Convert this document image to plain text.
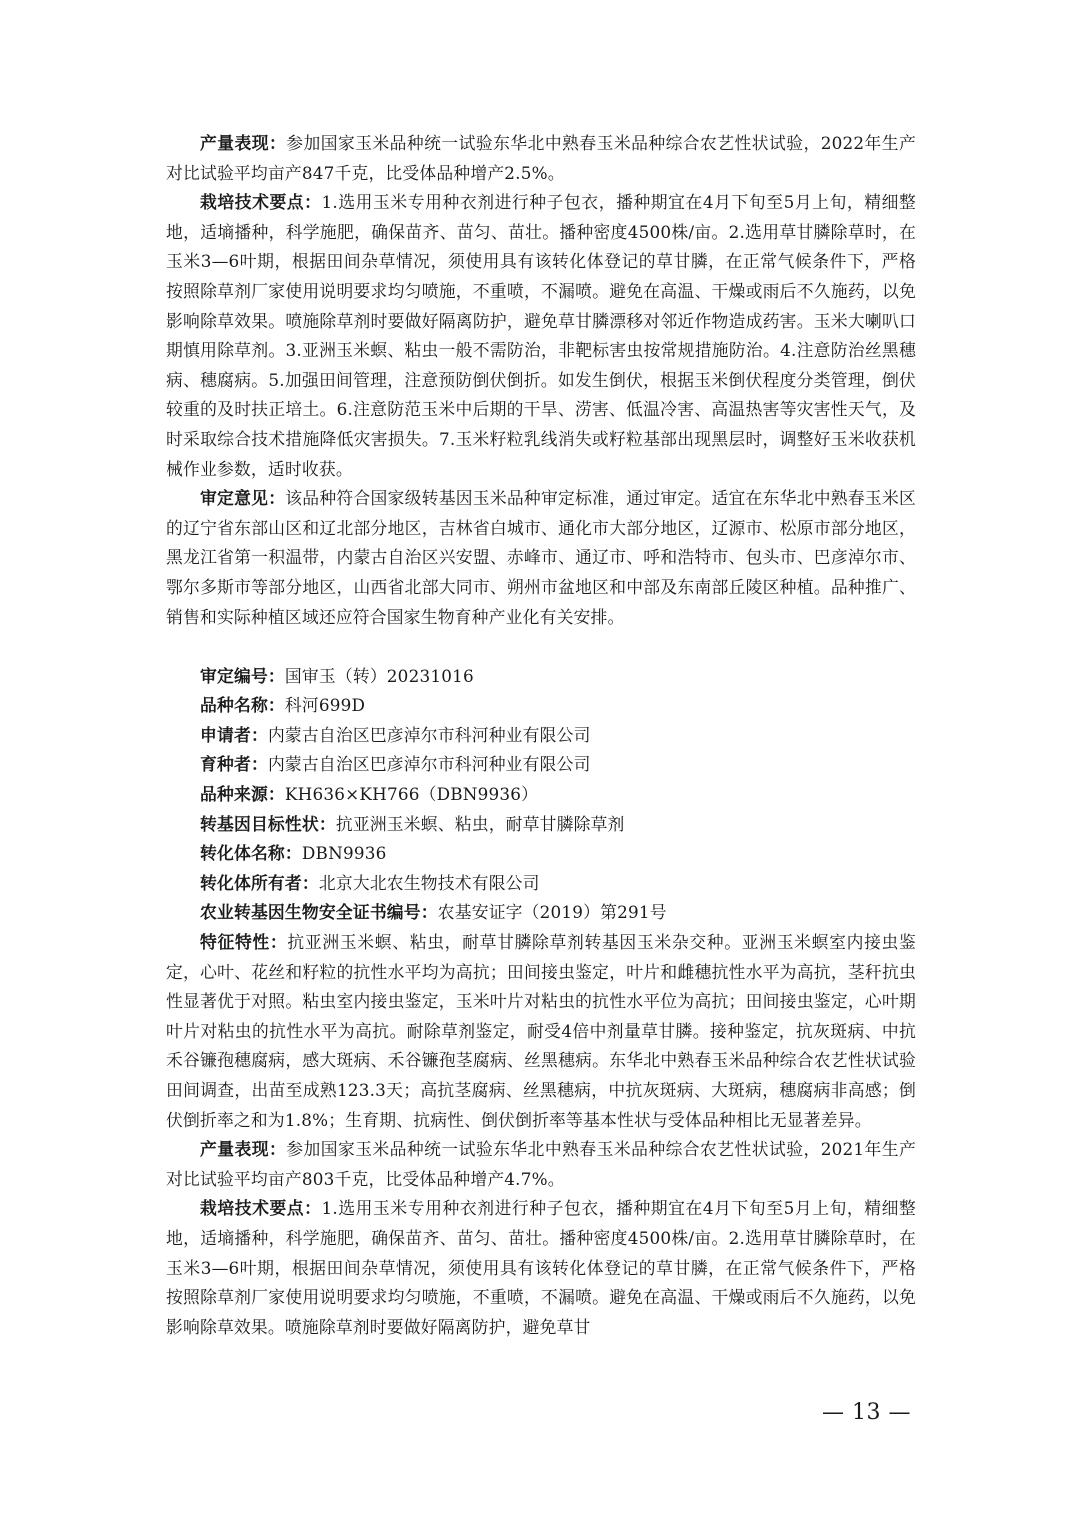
产量表现：参加国家玉米品种统一试验东华北中熟春玉米品种综合农艺性状试验，2022年生产对比试验平均亩产847千克，比受体品种增产2.5%。

栽培技术要点：1.选用玉米专用种衣剂进行种子包衣，播种期宜在4月下旬至5月上旬，精细整地，适墒播种，科学施肥，确保苗齐、苗匀、苗壮。播种密度4500株/亩。2.选用草甘膦除草时，在玉米3—6叶期，根据田间杂草情况，须使用具有该转化体登记的草甘膦，在正常气候条件下，严格按照除草剂厂家使用说明要求均匀喷施，不重喷，不漏喷。避免在高温、干燥或雨后不久施药，以免影响除草效果。喷施除草剂时要做好隔离防护，避免草甘膦漂移对邻近作物造成药害。玉米大喇叭口期慎用除草剂。3.亚洲玉米螟、粘虫一般不需防治，非靶标害虫按常规措施防治。4.注意防治丝黑穗病、穗腐病。5.加强田间管理，注意预防倒伏倒折。如发生倒伏，根据玉米倒伏程度分类管理，倒伏较重的及时扶正培土。6.注意防范玉米中后期的干旱、涝害、低温冷害、高温热害等灾害性天气，及时采取综合技术措施降低灾害损失。7.玉米籽粒乳线消失或籽粒基部出现黑层时，调整好玉米收获机械作业参数，适时收获。

审定意见：该品种符合国家级转基因玉米品种审定标准，通过审定。适宜在东华北中熟春玉米区的辽宁省东部山区和辽北部分地区，吉林省白城市、通化市大部分地区，辽源市、松原市部分地区，黑龙江省第一积温带，内蒙古自治区兴安盟、赤峰市、通辽市、呼和浩特市、包头市、巴彦淖尔市、鄂尔多斯市等部分地区，山西省北部大同市、朔州市盆地区和中部及东南部丘陵区种植。品种推广、销售和实际种植区域还应符合国家生物育种产业化有关安排。

审定编号：国审玉（转）20231016

品种名称：科河699D

申请者：内蒙古自治区巴彦淖尔市科河种业有限公司

育种者：内蒙古自治区巴彦淖尔市科河种业有限公司

品种来源：KH636×KH766（DBN9936）

转基因目标性状：抗亚洲玉米螟、粘虫，耐草甘膦除草剂

转化体名称：DBN9936

转化体所有者：北京大北农生物技术有限公司

农业转基因生物安全证书编号：农基安证字（2019）第291号

特征特性：抗亚洲玉米螟、粘虫，耐草甘膦除草剂转基因玉米杂交种。亚洲玉米螟室内接虫鉴定，心叶、花丝和籽粒的抗性水平均为高抗；田间接虫鉴定，叶片和雌穗抗性水平为高抗，茎秆抗虫性显著优于对照。粘虫室内接虫鉴定，玉米叶片对粘虫的抗性水平位为高抗；田间接虫鉴定，心叶期叶片对粘虫的抗性水平为高抗。耐除草剂鉴定，耐受4倍中剂量草甘膦。接种鉴定，抗灰斑病、中抗禾谷镰孢穗腐病，感大斑病、禾谷镰孢茎腐病、丝黑穗病。东华北中熟春玉米品种综合农艺性状试验田间调查，出苗至成熟123.3天；高抗茎腐病、丝黑穗病，中抗灰斑病、大斑病，穗腐病非高感；倒伏倒折率之和为1.8%；生育期、抗病性、倒伏倒折率等基本性状与受体品种相比无显著差异。

产量表现：参加国家玉米品种统一试验东华北中熟春玉米品种综合农艺性状试验，2021年生产对比试验平均亩产803千克，比受体品种增产4.7%。

栽培技术要点：1.选用玉米专用种衣剂进行种子包衣，播种期宜在4月下旬至5月上旬，精细整地，适墒播种，科学施肥，确保苗齐、苗匀、苗壮。播种密度4500株/亩。2.选用草甘膦除草时，在玉米3—6叶期，根据田间杂草情况，须使用具有该转化体登记的草甘膦，在正常气候条件下，严格按照除草剂厂家使用说明要求均匀喷施，不重喷，不漏喷。避免在高温、干燥或雨后不久施药，以免影响除草效果。喷施除草剂时要做好隔离防护，避免草甘

— 13 —
